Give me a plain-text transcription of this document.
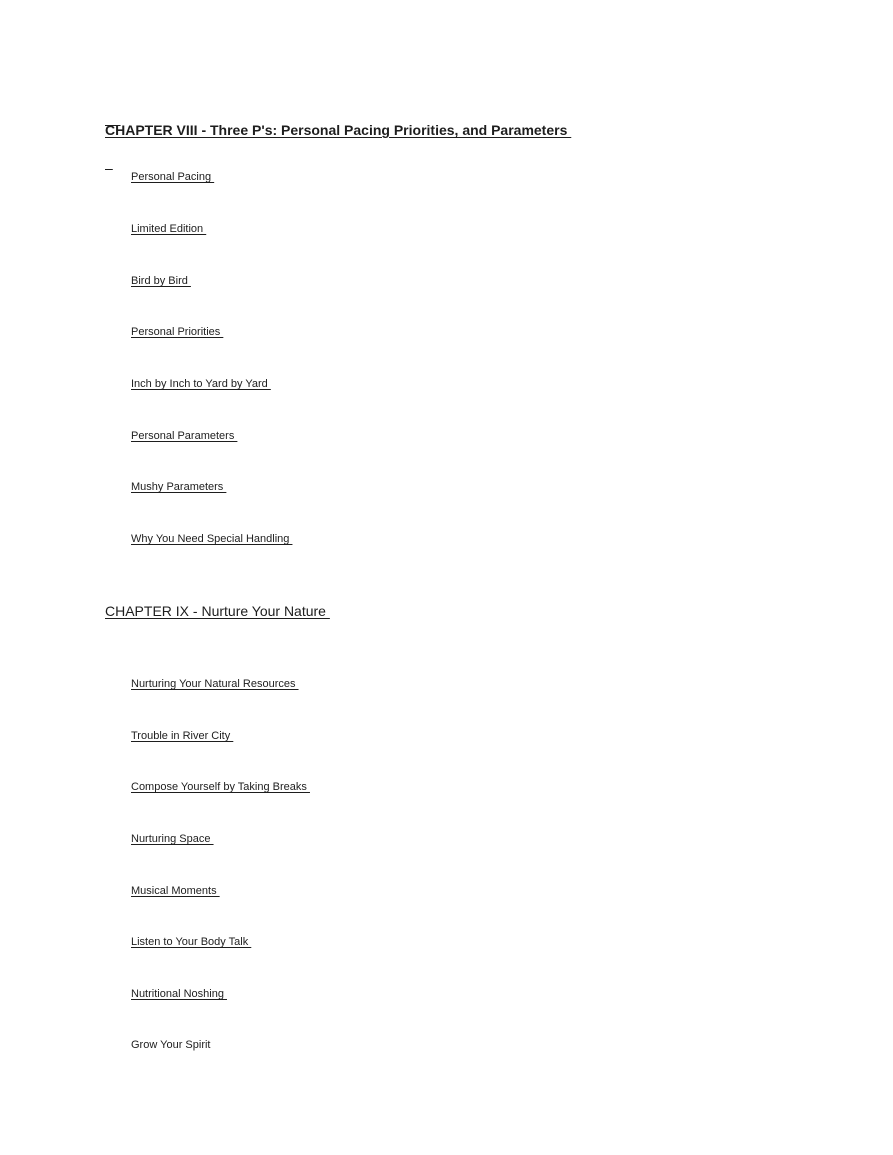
CHAPTER VIII - Three P's: Personal Pacing Priorities, and Parameters

Personal Pacing
Limited Edition
Bird by Bird
Personal Priorities
Inch by Inch to Yard by Yard
Personal Parameters
Mushy Parameters
Why You Need Special Handling
CHAPTER IX - Nurture Your Nature
Nurturing Your Natural Resources
Trouble in River City
Compose Yourself by Taking Breaks
Nurturing Space
Musical Moments
Listen to Your Body Talk
Nutritional Noshing
Grow Your Spirit
